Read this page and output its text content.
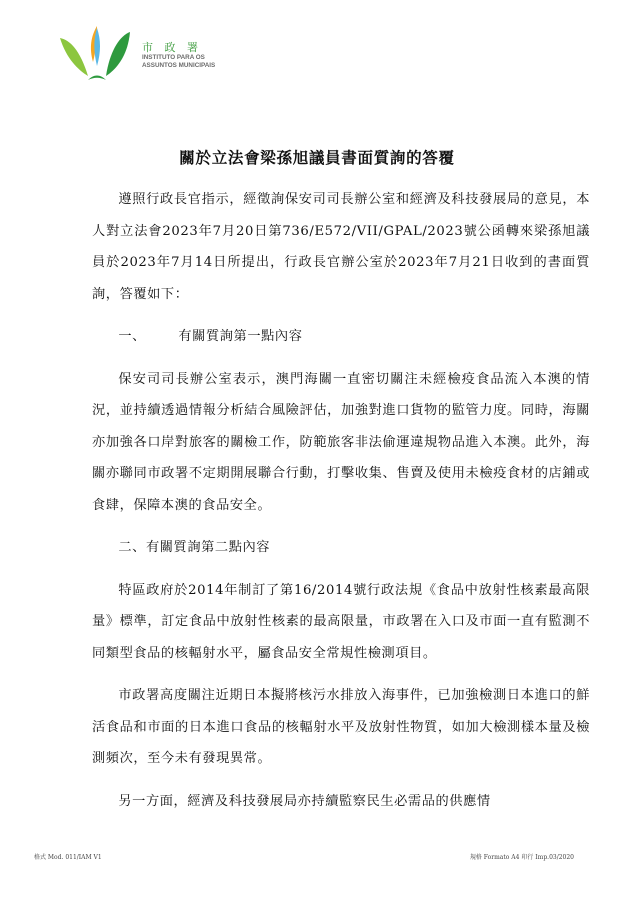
市 政 署
INSTITUTO PARA OS
ASSUNTOS MUNICIPAIS
關於立法會梁孫旭議員書面質詢的答覆

遵照行政長官指示，經徵詢保安司司長辦公室和經濟及科技發展局的意見，本人對立法會2023年7月20日第736/E572/VII/GPAL/2023號公函轉來梁孫旭議員於2023年7月14日所提出，行政長官辦公室於2023年7月21日收到的書面質詢，答覆如下：

一、 有關質詢第一點內容

保安司司長辦公室表示，澳門海關一直密切關注未經檢疫食品流入本澳的情況，並持續透過情報分析結合風險評估，加強對進口貨物的監管力度。同時，海關亦加強各口岸對旅客的關檢工作，防範旅客非法偷運違規物品進入本澳。此外，海關亦聯同市政署不定期開展聯合行動，打擊收集、售賣及使用未檢疫食材的店鋪或食肆，保障本澳的食品安全。

二、有關質詢第二點內容

特區政府於2014年制訂了第16/2014號行政法規《食品中放射性核素最高限量》標準，訂定食品中放射性核素的最高限量，市政署在入口及市面一直有監測不同類型食品的核輻射水平，屬食品安全常規性檢測項目。

市政署高度關注近期日本擬將核污水排放入海事件，已加強檢測日本進口的鮮活食品和市面的日本進口食品的核輻射水平及放射性物質，如加大檢測樣本量及檢測頻次，至今未有發現異常。

另一方面，經濟及科技發展局亦持續監察民生必需品的供應情

格式 Mod. 011/IAM V1	規格 Formato A4 印行 Imp.03/2020
